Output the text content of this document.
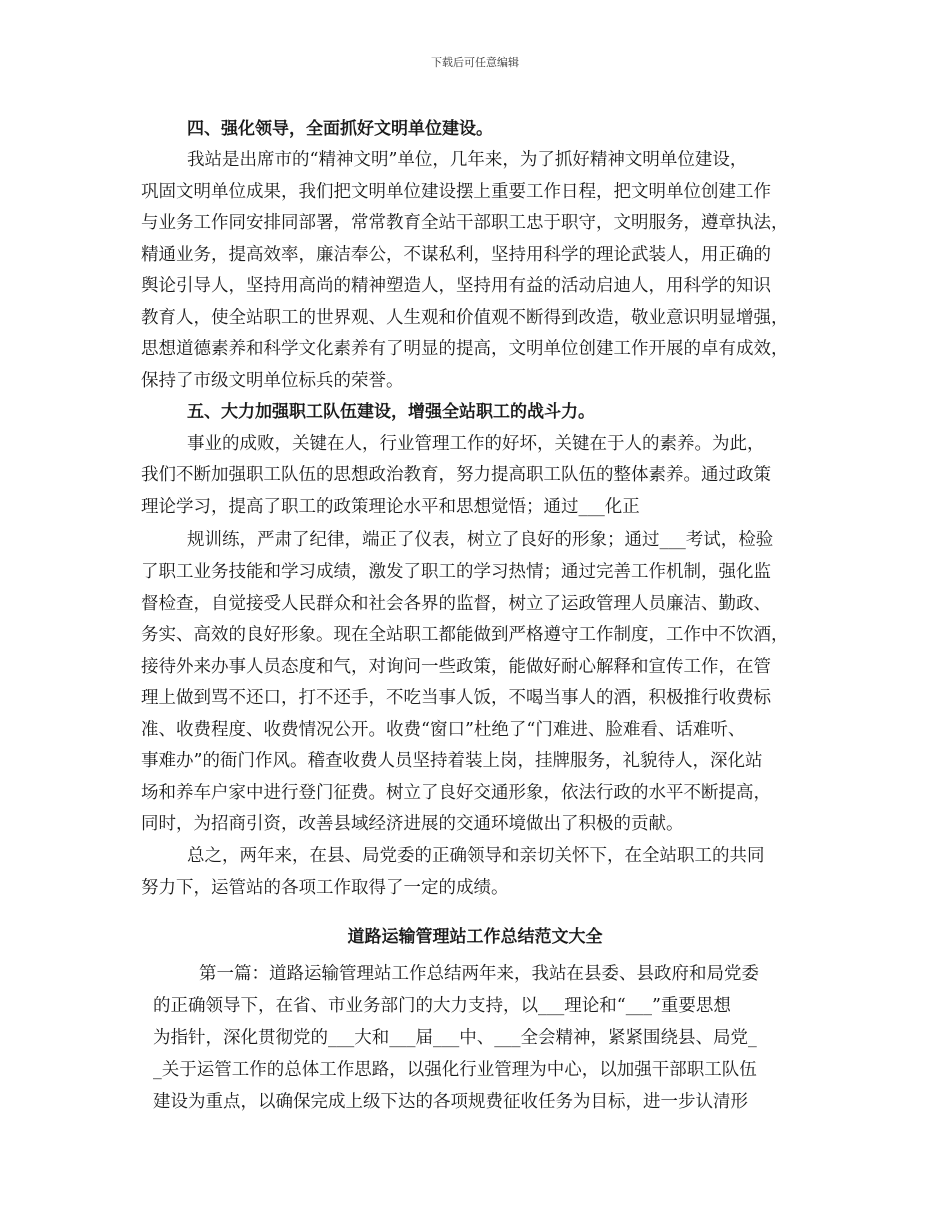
下载后可任意编辑
四、强化领导，全面抓好文明单位建设。
我站是出席市的“精神文明”单位，几年来，为了抓好精神文明单位建设，
巩固文明单位成果，我们把文明单位建设摆上重要工作日程，把文明单位创建工作
与业务工作同安排同部署，常常教育全站干部职工忠于职守，文明服务，遵章执法，
精通业务，提高效率，廉洁奉公，不谋私利，坚持用科学的理论武装人，用正确的
舆论引导人，坚持用高尚的精神塑造人，坚持用有益的活动启迪人，用科学的知识
教育人，使全站职工的世界观、人生观和价值观不断得到改造，敬业意识明显增强，
思想道德素养和科学文化素养有了明显的提高，文明单位创建工作开展的卓有成效，
保持了市级文明单位标兵的荣誉。
五、大力加强职工队伍建设，增强全站职工的战斗力。
事业的成败，关键在人，行业管理工作的好坏，关键在于人的素养。为此，
我们不断加强职工队伍的思想政治教育，努力提高职工队伍的整体素养。通过政策
理论学习，提高了职工的政策理论水平和思想觉悟；通过___化正
规训练，严肃了纪律，端正了仪表，树立了良好的形象；通过___考试，检验
了职工业务技能和学习成绩，激发了职工的学习热情；通过完善工作机制，强化监
督检查，自觉接受人民群众和社会各界的监督，树立了运政管理人员廉洁、勤政、
务实、高效的良好形象。现在全站职工都能做到严格遵守工作制度，工作中不饮酒，
接待外来办事人员态度和气，对询问一些政策，能做好耐心解释和宣传工作，在管
理上做到骂不还口，打不还手，不吃当事人饭，不喝当事人的酒，积极推行收费标
准、收费程度、收费情况公开。收费“窗口”杜绝了“门难进、脸难看、话难听、
事难办”的衙门作风。稽查收费人员坚持着装上岗，挂牌服务，礼貌待人，深化站
场和养车户家中进行登门征费。树立了良好交通形象，依法行政的水平不断提高，
同时，为招商引资，改善县域经济进展的交通环境做出了积极的贡献。
总之，两年来，在县、局党委的正确领导和亲切关怀下，在全站职工的共同
努力下，运管站的各项工作取得了一定的成绩。
道路运输管理站工作总结范文大全
第一篇：道路运输管理站工作总结两年来，我站在县委、县政府和局党委
的正确领导下，在省、市业务部门的大力支持，以___理论和“___”重要思想
为指针，深化贯彻党的___大和___届___中、___全会精神，紧紧围绕县、局党_
_关于运管工作的总体工作思路，以强化行业管理为中心，以加强干部职工队伍
建设为重点，以确保完成上级下达的各项规费征收任务为目标，进一步认清形
